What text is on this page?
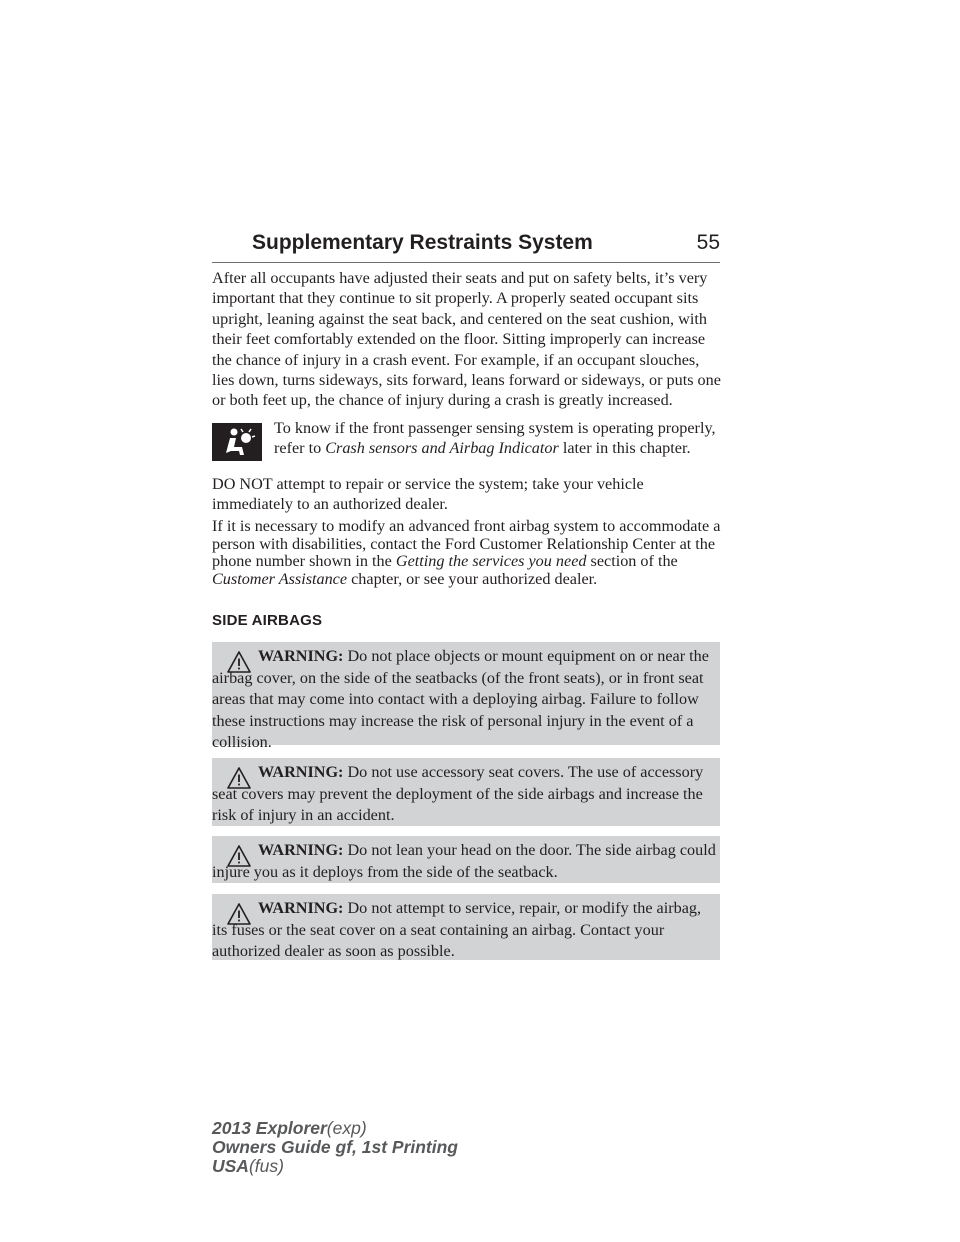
Supplementary Restraints System	55

After all occupants have adjusted their seats and put on safety belts, it’s very important that they continue to sit properly. A properly seated occupant sits upright, leaning against the seat back, and centered on the seat cushion, with their feet comfortably extended on the floor. Sitting improperly can increase the chance of injury in a crash event. For example, if an occupant slouches, lies down, turns sideways, sits forward, leans forward or sideways, or puts one or both feet up, the chance of injury during a crash is greatly increased.

To know if the front passenger sensing system is operating properly, refer to Crash sensors and Airbag Indicator later in this chapter.

DO NOT attempt to repair or service the system; take your vehicle immediately to an authorized dealer.

If it is necessary to modify an advanced front airbag system to accommodate a person with disabilities, contact the Ford Customer Relationship Center at the phone number shown in the Getting the services you need section of the Customer Assistance chapter, or see your authorized dealer.

SIDE AIRBAGS

WARNING: Do not place objects or mount equipment on or near the airbag cover, on the side of the seatbacks (of the front seats), or in front seat areas that may come into contact with a deploying airbag. Failure to follow these instructions may increase the risk of personal injury in the event of a collision.

WARNING: Do not use accessory seat covers. The use of accessory seat covers may prevent the deployment of the side airbags and increase the risk of injury in an accident.

WARNING: Do not lean your head on the door. The side airbag could injure you as it deploys from the side of the seatback.

WARNING: Do not attempt to service, repair, or modify the airbag, its fuses or the seat cover on a seat containing an airbag. Contact your authorized dealer as soon as possible.

2013 Explorer(exp)
Owners Guide gf, 1st Printing
USA(fus)
